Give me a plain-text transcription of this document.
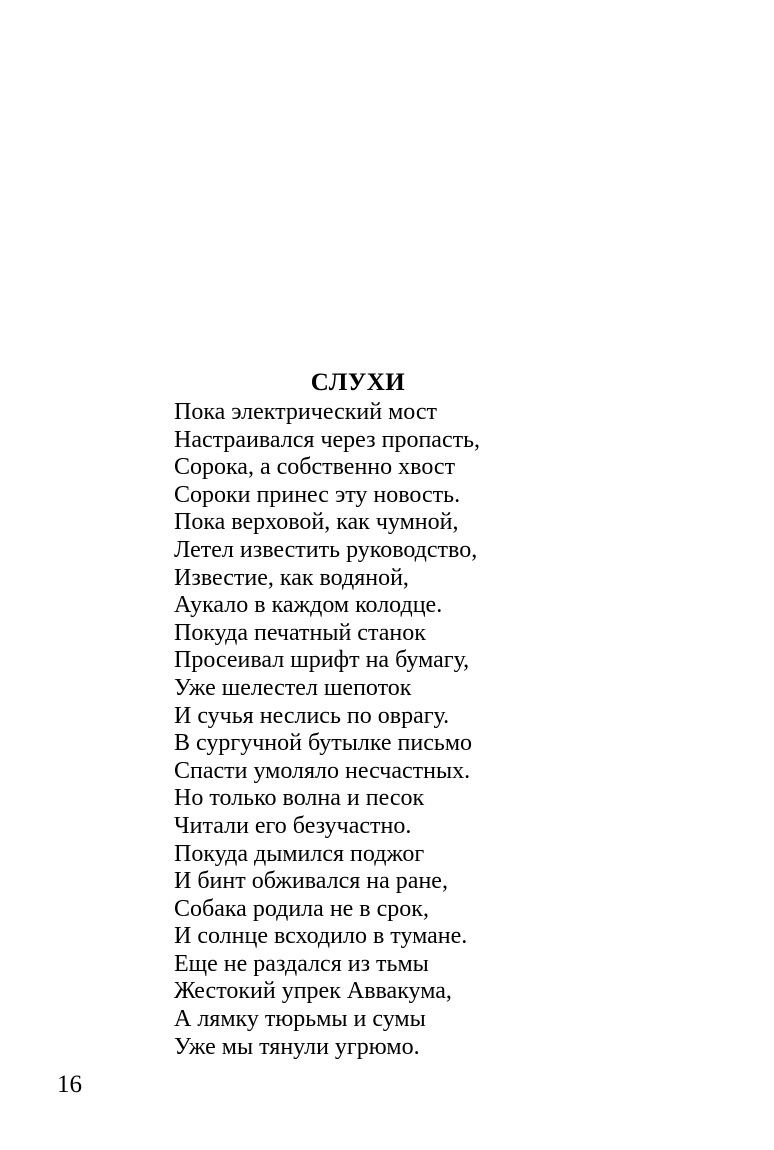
СЛУХИ
Пока электрический мост
Настраивался через пропасть,
Сорока, а собственно хвост
Сороки принес эту новость.
Пока верховой, как чумной,
Летел известить руководство,
Известие, как водяной,
Аукало в каждом колодце.
Покуда печатный станок
Просеивал шрифт на бумагу,
Уже шелестел шепоток
И сучья неслись по оврагу.
В сургучной бутылке письмо
Спасти умоляло несчастных.
Но только волна и песок
Читали его безучастно.
Покуда дымился поджог
И бинт обживался на ране,
Собака родила не в срок,
И солнце всходило в тумане.
Еще не раздался из тьмы
Жестокий упрек Аввакума,
А лямку тюрьмы и сумы
Уже мы тянули угрюмо.
16
